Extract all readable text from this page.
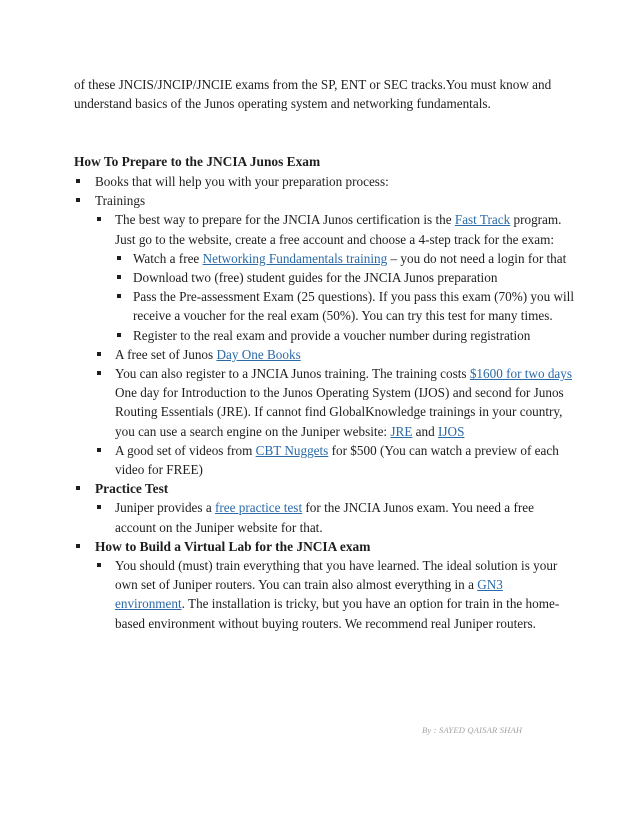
of these JNCIS/JNCIP/JNCIE exams from the SP, ENT or SEC tracks.You must know and understand basics of the Junos operating system and networking fundamentals.

How To Prepare to the JNCIA Junos Exam
Books that will help you with your preparation process:
Trainings
The best way to prepare for the JNCIA Junos certification is the Fast Track program. Just go to the website, create a free account and choose a 4-step track for the exam:
Watch a free Networking Fundamentals training – you do not need a login for that
Download two (free) student guides for the JNCIA Junos preparation
Pass the Pre-assessment Exam (25 questions). If you pass this exam (70%) you will receive a voucher for the real exam (50%). You can try this test for many times.
Register to the real exam and provide a voucher number during registration
A free set of Junos Day One Books
You can also register to a JNCIA Junos training. The training costs $1600 for two days One day for Introduction to the Junos Operating System (IJOS) and second for Junos Routing Essentials (JRE). If cannot find GlobalKnowledge trainings in your country, you can use a search engine on the Juniper website: JRE and IJOS
A good set of videos from CBT Nuggets for $500 (You can watch a preview of each video for FREE)
Practice Test
Juniper provides a free practice test for the JNCIA Junos exam. You need a free account on the Juniper website for that.
How to Build a Virtual Lab for the JNCIA exam
You should (must) train everything that you have learned. The ideal solution is your own set of Juniper routers. You can train also almost everything in a GN3 environment. The installation is tricky, but you have an option for train in the home-based environment without buying routers. We recommend real Juniper routers.
By : SAYED QAISAR SHAH
